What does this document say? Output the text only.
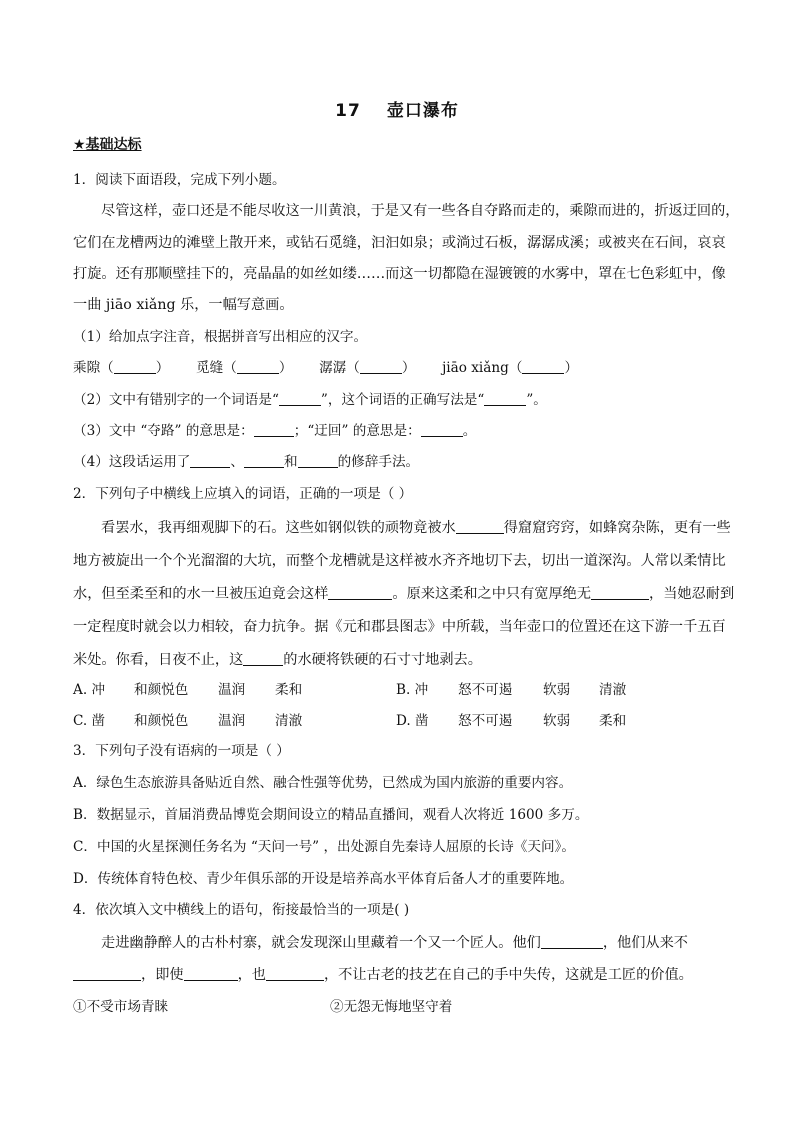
17 壶口瀑布
★基础达标
1．阅读下面语段，完成下列小题。
尽管这样，壶口还是不能尽收这一川黄浪，于是又有一些各自夺路而走的，乘隙而进的，折返迂回的，
它们在龙槽两边的滩壁上散开来，或钻石觅缝，汩汩如泉；或淌过石板，潺潺成溪；或被夹在石间，哀哀
打旋。还有那顺壁挂下的，亮晶晶的如丝如缕……而这一切都隐在湿镀镀的水雾中，罩在七色彩虹中，像
一曲 jiāo xiǎng 乐，一幅写意画。
（1）给加点字注音，根据拼音写出相应的汉字。
乘隙（	） 觅缝（	） 潺潺（	） jiāo xiǎng（	）
（2）文中有错别字的一个词语是“	”，这个词语的正确写法是“	”。
（3）文中 “夺路” 的意思是：	；“迂回” 的意思是：	。
（4）这段话运用了	、	和	的修辞手法。
2．下列句子中横线上应填入的词语，正确的一项是（ ）
看罢水，我再细观脚下的石。这些如钢似铁的顽物竟被水	得窟窟窍窍，如蜂窝杂陈，更有一些
地方被旋出一个个光溜溜的大坑，而整个龙槽就是这样被水齐齐地切下去，切出一道深沟。人常以柔情比
水，但至柔至和的水一旦被压迫竟会这样	。原来这柔和之中只有宽厚绝无	，当她忍耐到
一定程度时就会以力相较，奋力抗争。据《元和郡县图志》中所载，当年壶口的位置还在这下游一千五百
米处。你看，日夜不止，这	的水硬将铁硬的石寸寸地剥去。
A. 冲 和颜悦色 温润 柔和	B. 冲 怒不可遏 软弱 清澈
C. 凿 和颜悦色 温润 清澈	D. 凿 怒不可遏 软弱 柔和
3．下列句子没有语病的一项是（ ）
A．绿色生态旅游具备贴近自然、融合性强等优势，已然成为国内旅游的重要内容。
B．数据显示，首届消费品博览会期间设立的精品直播间，观看人次将近 1600 多万。
C．中国的火星探测任务名为 “天问一号” ，出处源自先秦诗人屈原的长诗《天问》。
D．传统体育特色校、青少年俱乐部的开设是培养高水平体育后备人才的重要阵地。
4．依次填入文中横线上的语句，衔接最恰当的一项是( )
走进幽静醉人的古朴村寨，就会发现深山里藏着一个又一个匠人。他们	，他们从来不
，即使	，也	，不让古老的技艺在自己的手中失传，这就是工匠的价值。
①不受市场青睐	②无怨无悔地坚守着
